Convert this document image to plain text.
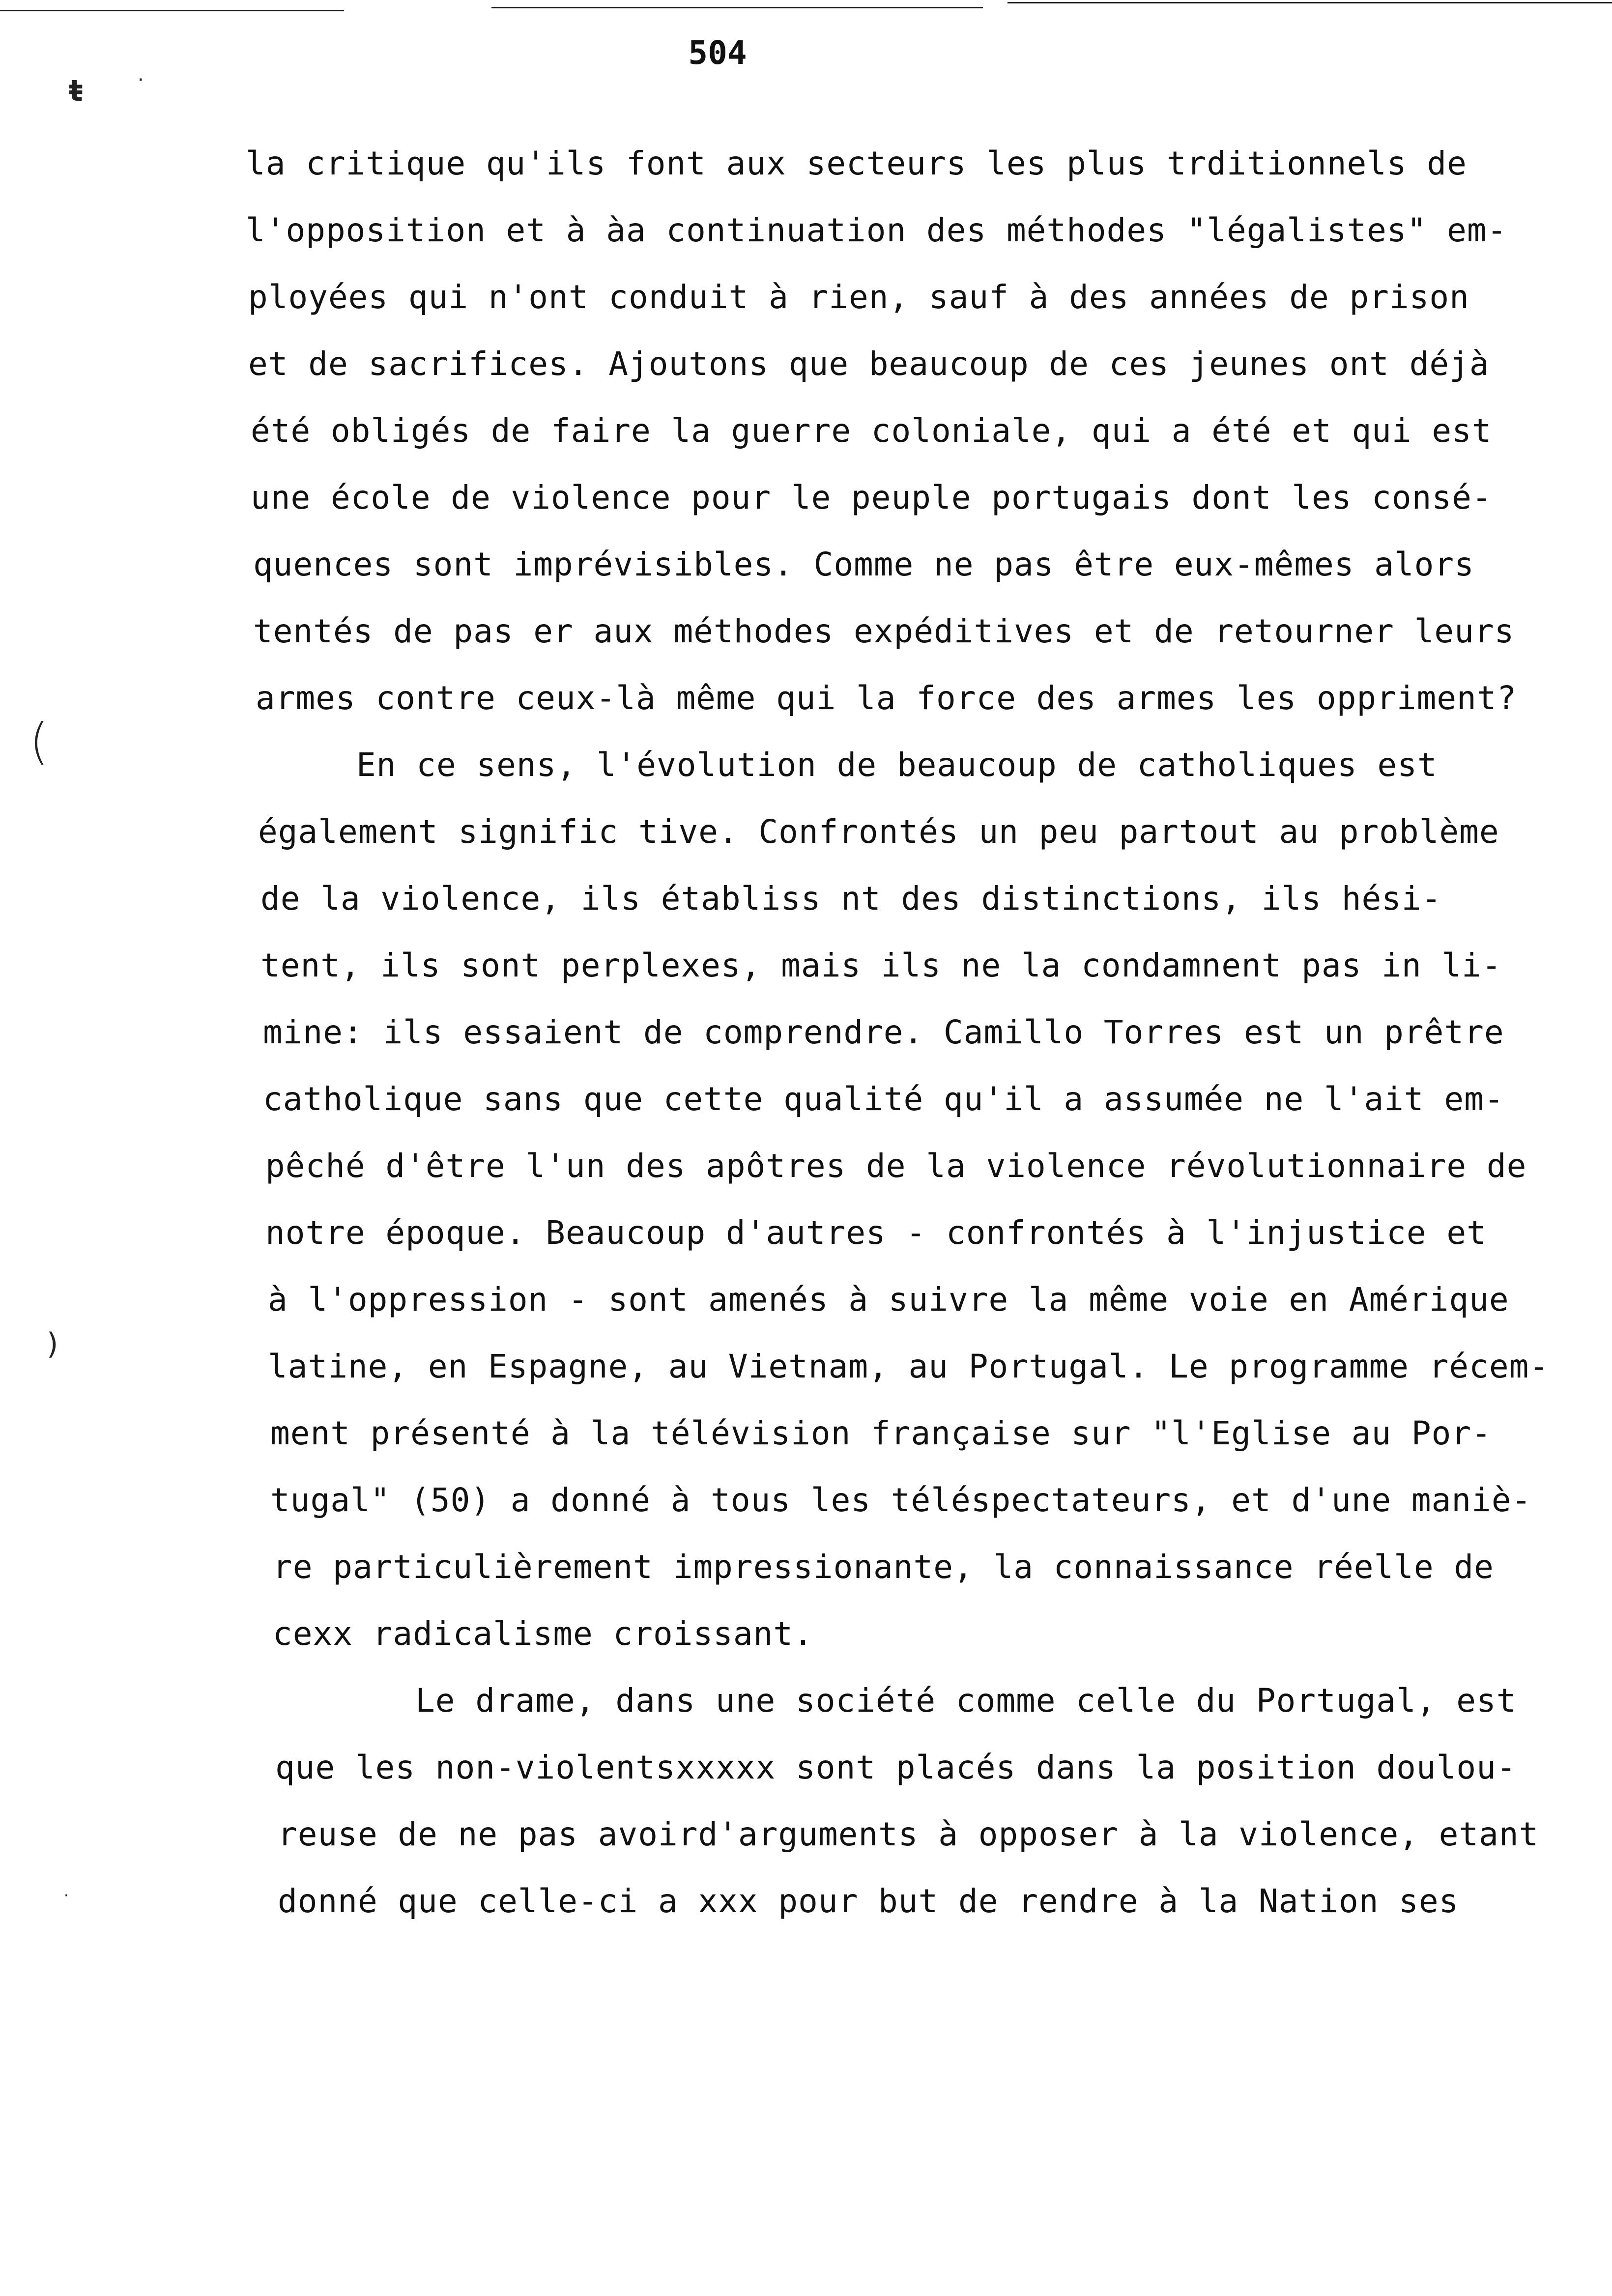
ŧ	·
(
)
·
504
la critique qu'ils font aux secteurs les plus trditionnels de
l'opposition et à àa continuation des méthodes "légalistes" em-
ployées qui n'ont conduit à rien, sauf à des années de prison
et de sacrifices. Ajoutons que beaucoup de ces jeunes ont déjà
été obligés de faire la guerre coloniale, qui a été et qui est
une école de violence pour le peuple portugais dont les consé-
quences sont imprévisibles. Comme ne pas être eux-mêmes alors
tentés de pas er aux méthodes expéditives et de retourner leurs
armes contre ceux-là même qui la force des armes les oppriment?
En ce sens, l'évolution de beaucoup de catholiques est
également signific tive. Confrontés un peu partout au problème
de la violence, ils établiss nt des distinctions, ils hési-
tent, ils sont perplexes, mais ils ne la condamnent pas in li-
mine: ils essaient de comprendre. Camillo Torres est un prêtre
catholique sans que cette qualité qu'il a assumée ne l'ait em-
pêché d'être l'un des apôtres de la violence révolutionnaire de
notre époque. Beaucoup d'autres - confrontés à l'injustice et
à l'oppression - sont amenés à suivre la même voie en Amérique
latine, en Espagne, au Vietnam, au Portugal. Le programme récem-
ment présenté à la télévision française sur "l'Eglise au Por-
tugal" (50) a donné à tous les téléspectateurs, et d'une maniè-
re particulièrement impressionante, la connaissance réelle de
cexx radicalisme croissant.
Le drame, dans une société comme celle du Portugal, est
que les non-violentsxxxxx sont placés dans la position doulou-
reuse de ne pas avoird'arguments à opposer à la violence, etant
donné que celle-ci a xxx pour but de rendre à la Nation ses
